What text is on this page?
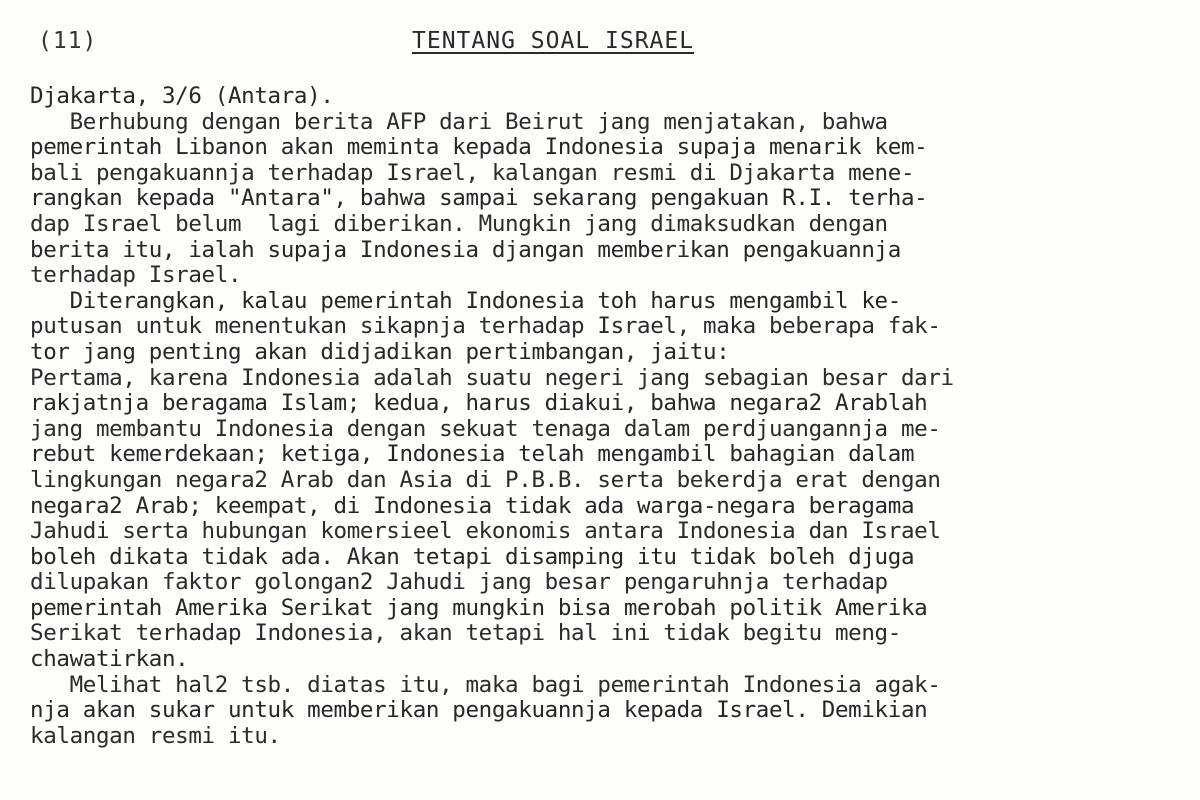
(11)	TENTANG SOAL ISRAEL
Djakarta, 3/6 (Antara).
Berhubung dengan berita AFP dari Beirut jang menjatakan, bahwa
pemerintah Libanon akan meminta kepada Indonesia supaja menarik kem-
bali pengakuannja terhadap Israel, kalangan resmi di Djakarta mene-
rangkan kepada "Antara", bahwa sampai sekarang pengakuan R.I. terha-
dap Israel belum  lagi diberikan. Mungkin jang dimaksudkan dengan
berita itu, ialah supaja Indonesia djangan memberikan pengakuannja
terhadap Israel.
Diterangkan, kalau pemerintah Indonesia toh harus mengambil ke-
putusan untuk menentukan sikapnja terhadap Israel, maka beberapa fak-
tor jang penting akan didjadikan pertimbangan, jaitu:
Pertama, karena Indonesia adalah suatu negeri jang sebagian besar dari
rakjatnja beragama Islam; kedua, harus diakui, bahwa negara2 Arablah
jang membantu Indonesia dengan sekuat tenaga dalam perdjuangannja me-
rebut kemerdekaan; ketiga, Indonesia telah mengambil bahagian dalam
lingkungan negara2 Arab dan Asia di P.B.B. serta bekerdja erat dengan
negara2 Arab; keempat, di Indonesia tidak ada warga-negara beragama
Jahudi serta hubungan komersieel ekonomis antara Indonesia dan Israel
boleh dikata tidak ada. Akan tetapi disamping itu tidak boleh djuga
dilupakan faktor golongan2 Jahudi jang besar pengaruhnja terhadap
pemerintah Amerika Serikat jang mungkin bisa merobah politik Amerika
Serikat terhadap Indonesia, akan tetapi hal ini tidak begitu meng-
chawatirkan.
Melihat hal2 tsb. diatas itu, maka bagi pemerintah Indonesia agak-
nja akan sukar untuk memberikan pengakuannja kepada Israel. Demikian
kalangan resmi itu.
